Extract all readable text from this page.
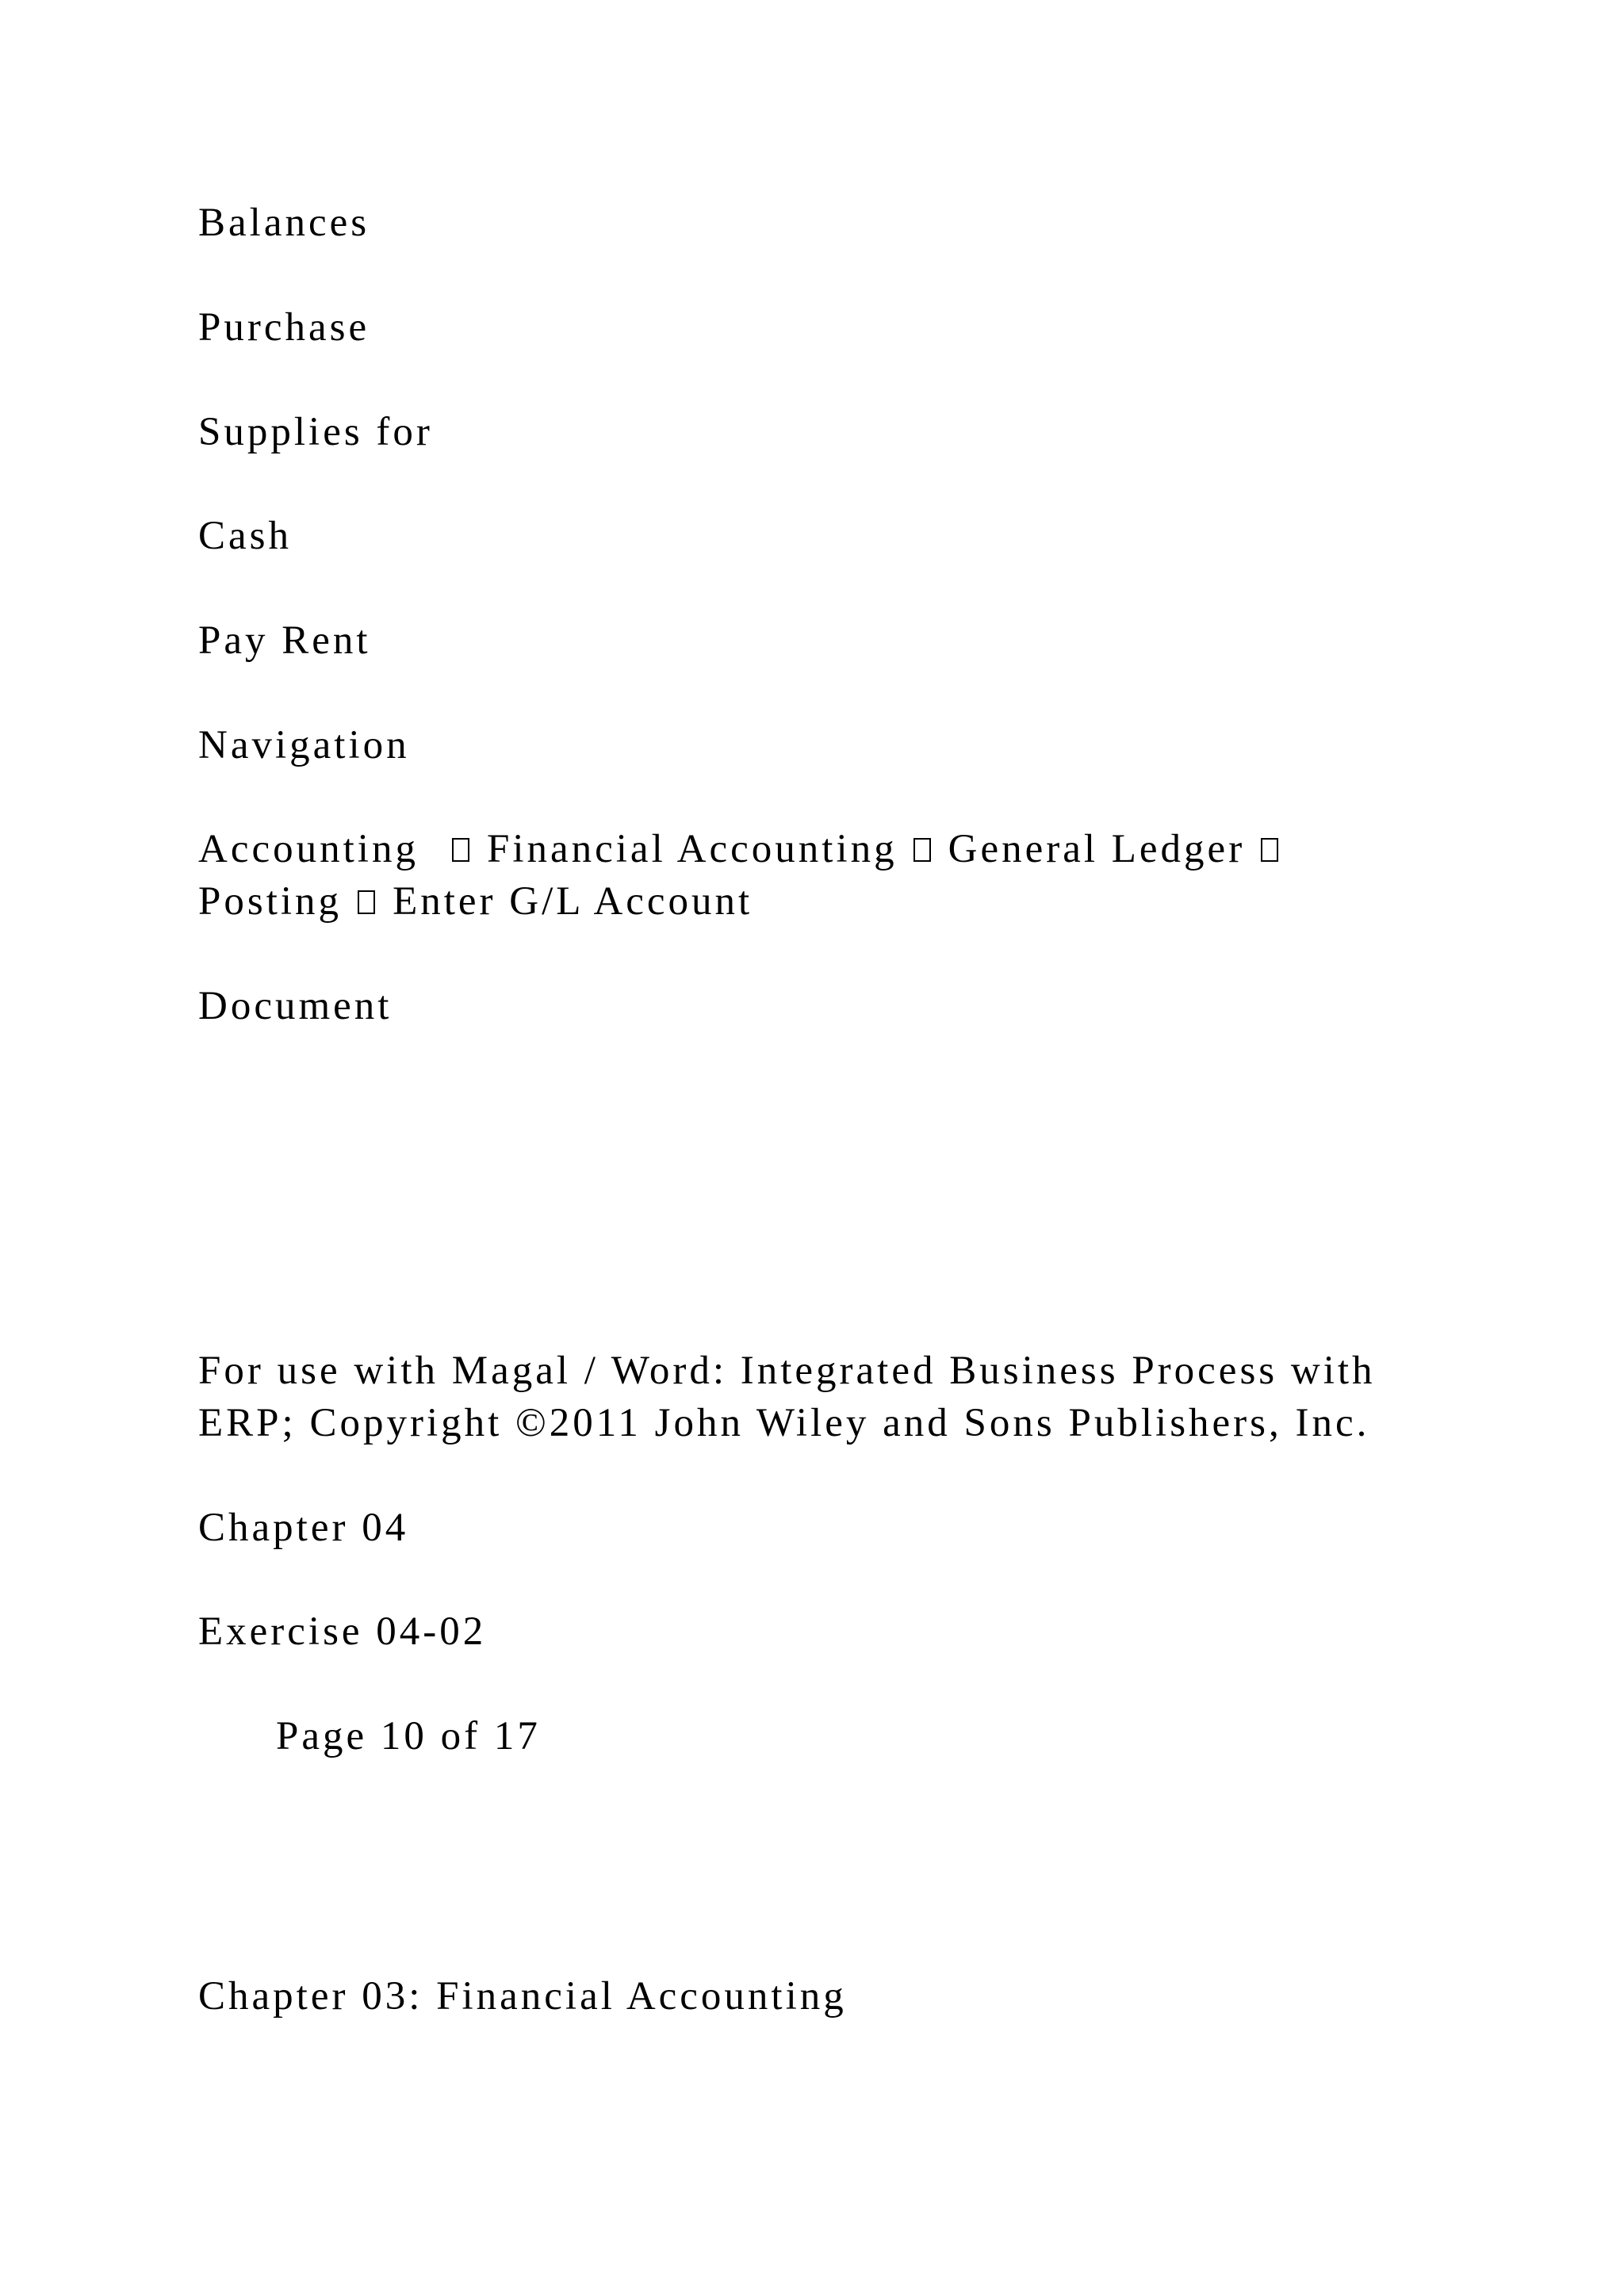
Balances
Purchase
Supplies for
Cash
Pay Rent
Navigation
Accounting Financial Accounting General Ledger
Posting Enter G/L Account
Document
For use with Magal / Word: Integrated Business Process with
ERP; Copyright ©2011 John Wiley and Sons Publishers, Inc.
Chapter 04
Exercise 04-02
Page 10 of 17
Chapter 03: Financial Accounting
